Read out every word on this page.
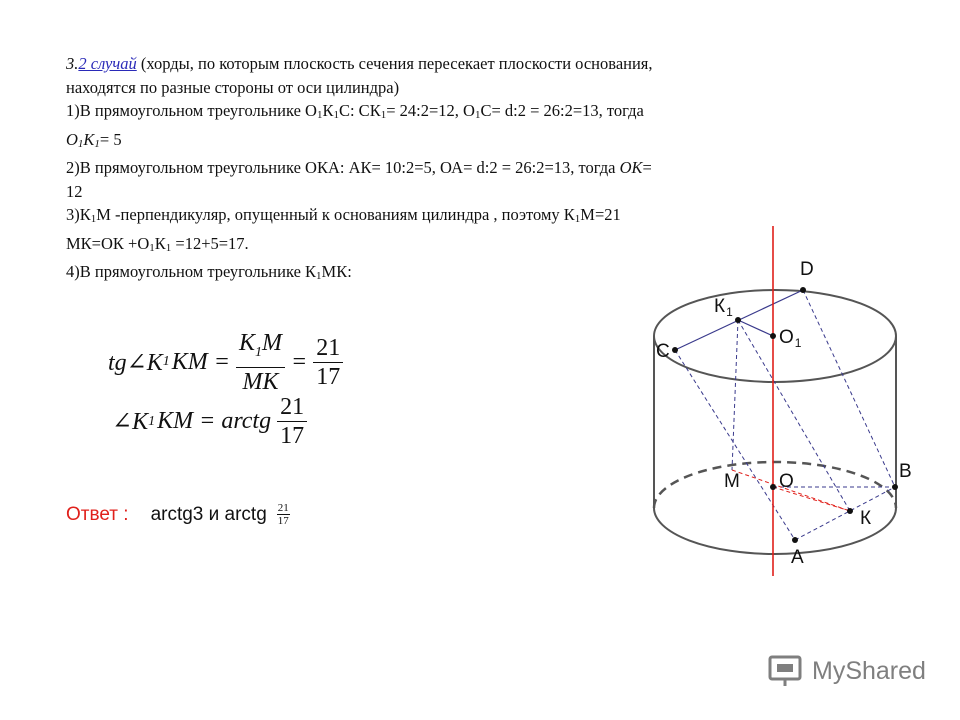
3.2 случай (хорды, по которым плоскость сечения пересекает плоскости основания, находятся по разные стороны от оси цилиндра)

1)В прямоугольном треугольнике $О_1К_1С$: $СК_1=$ 24:2=12, $О_1С=$ d:2 = 26:2=13, тогда $О_1К_1= 5$

2)В прямоугольном треугольнике ОКА: АК= 10:2=5, ОА= d:2 = 26:2=13, тогда ОК= 12

$3)К_1М$ -перпендикуляр, опущенный к основаниям цилиндра , поэтому $К_1М=21$

$МК=ОК +О_1К_1 =12+5=17$.

4)В прямоугольном треугольнике $К_1МК$:

tg∠K 1 KM = $\frac{K_1M}{MK} = \frac{21}{17}$
∠K 1 KM = arctg $\frac{21}{17}$
Ответ : arctg3 и arctg $\frac{21}{17}$
D
$К_1$
$О_1$
С
М О	В
К
А
MyShared
